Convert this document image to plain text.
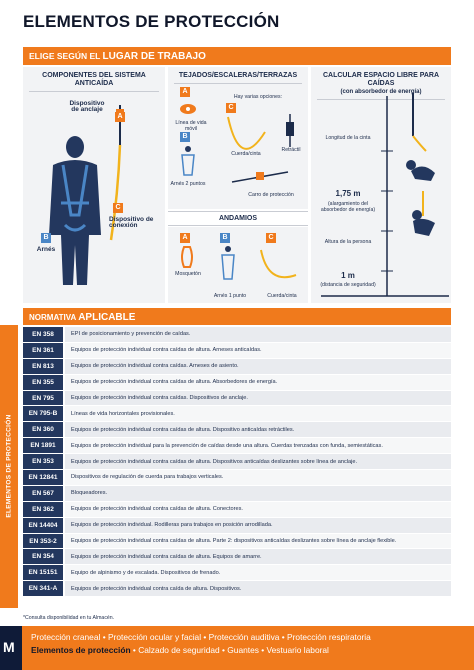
ELEMENTOS DE PROTECCIÓN
ELIGE SEGÚN EL LUGAR DE TRABAJO
COMPONENTES DEL SISTEMA ANTICAÍDA
Dispositivo de anclaje
A
C
Dispositivo de conexión
B
Arnés
TEJADOS/ESCALERAS/TERRAZAS
A
Hay varias opciones:
Línea de vida móvil
B
Arnés 2 puntos
C
Cuerda/cinta
Retráctil
Carro de protección
ANDAMIOS
A
Mosquetón
B
Arnés 1 punto
C
Cuerda/cinta
CALCULAR ESPACIO LIBRE PARA CAÍDAS
(con absorbedor de energía)
Longitud de la cinta
1,75 m
(alargamiento del absorbedor de energía)
Altura de la persona
1 m
(distancia de seguridad)
NORMATIVA APLICABLE
EN 358	EPI de posicionamiento y prevención de caídas.
EN 361	Equipos de protección individual contra caídas de altura. Arneses anticaídas.
EN 813	Equipos de protección individual contra caídas. Arneses de asiento.
EN 355	Equipos de protección individual contra caídas de altura. Absorbedores de energía.
EN 795	Equipos de protección individual contra caídas. Dispositivos de anclaje.
EN 795-B	Líneas de vida horizontales provisionales.
EN 360	Equipos de protección individual contra caídas de altura. Dispositivo anticaídas retráctiles.
EN 1891	Equipos de protección individual para la prevención de caídas desde una altura. Cuerdas trenzadas con funda, semiestáticas.
EN 353	Equipos de protección individual contra caídas de altura. Dispositivos anticaídas deslizantes sobre línea de anclaje.
EN 12841	Dispositivos de regulación de cuerda para trabajos verticales.
EN 567	Bloqueadores.
EN 362	Equipos de protección individual contra caídas de altura. Conectores.
EN 14404	Equipos de protección individual. Rodilleras para trabajos en posición arrodillada.
EN 353-2	Equipos de protección individual contra caídas de altura. Parte 2: dispositivos anticaídas deslizantes sobre línea de anclaje flexible.
EN 354	Equipos de protección individual contra caídas de altura. Equipos de amarre.
EN 15151	Equipo de alpinismo y de escalada. Dispositivos de frenado.
EN 341-A	Equipos de protección individual contra caída de altura. Dispositivos.
*Consulta disponibilidad en tu Almacén.
ELEMENTOS DE PROTECCIÓN
M
Protección craneal • Protección ocular y facial • Protección auditiva • Protección respiratoria
Elementos de protección • Calzado de seguridad • Guantes • Vestuario laboral
